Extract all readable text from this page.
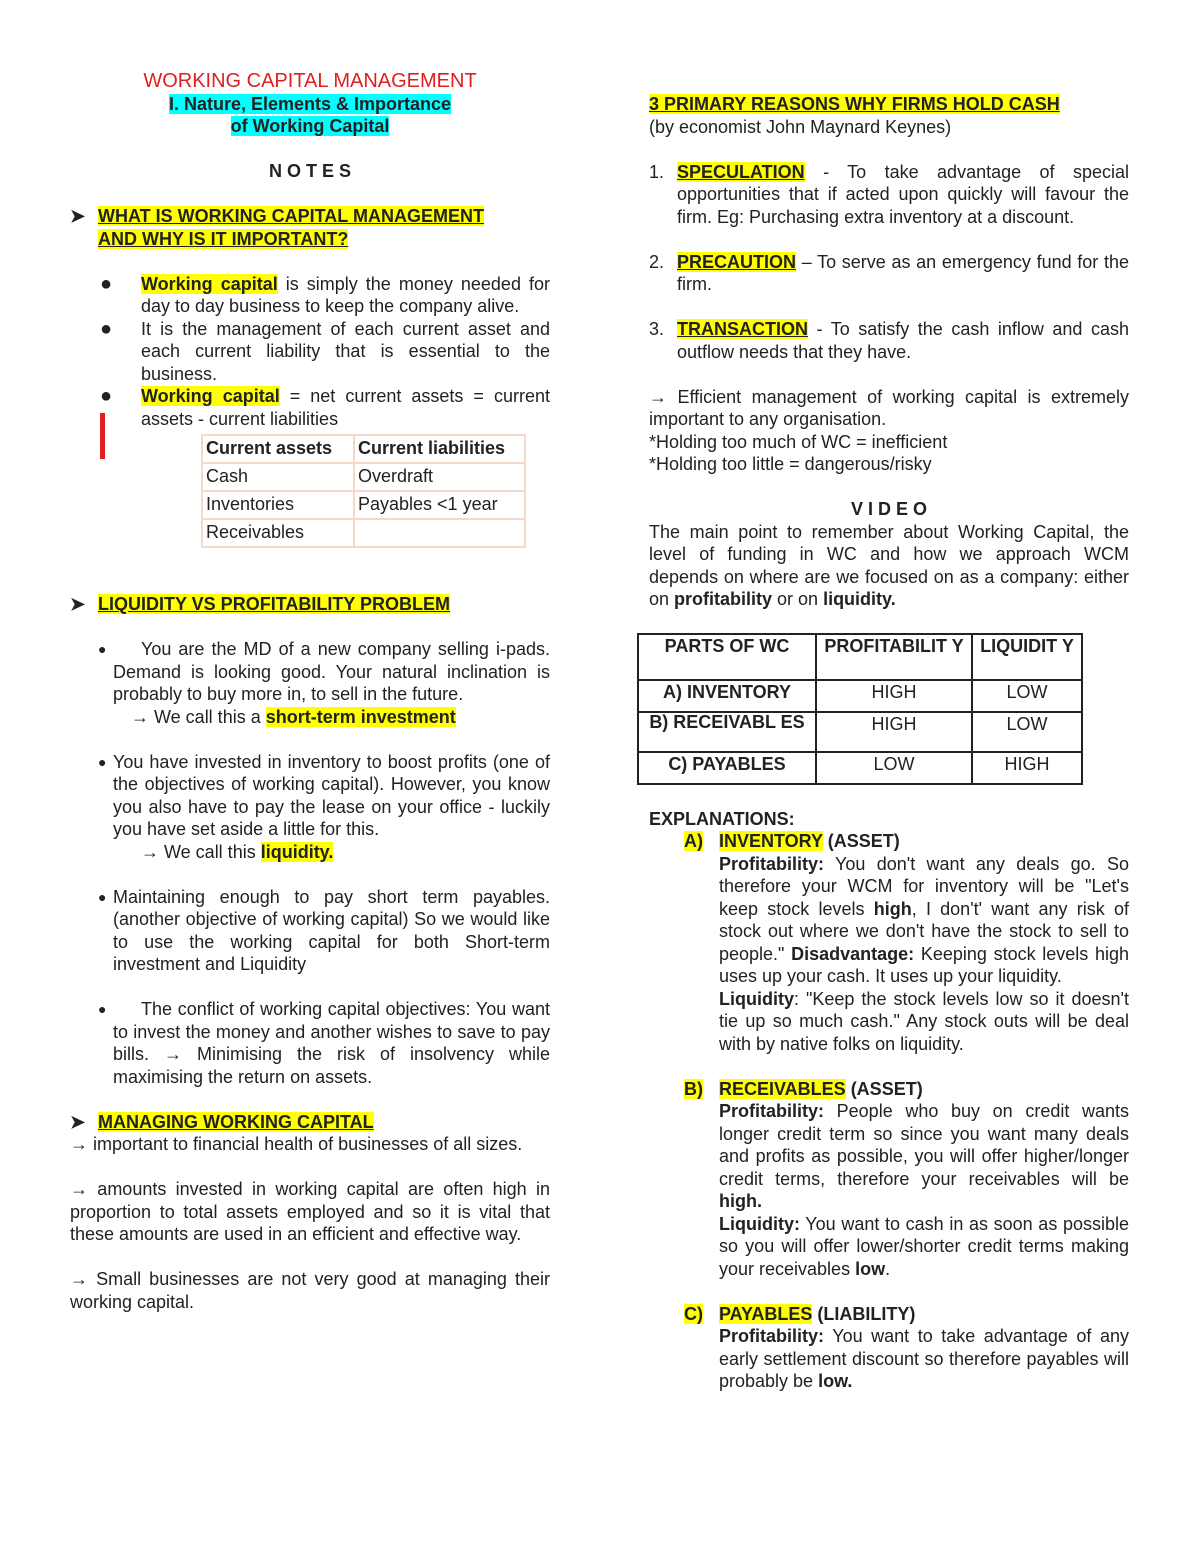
WORKING CAPITAL MANAGEMENT

I. Nature, Elements & Importance

of Working Capital

N O T E S

➤ WHAT IS WORKING CAPITAL MANAGEMENT
AND WHY IS IT IMPORTANT?
● Working capital is simply the money needed for day to day business to keep the company alive.
● It is the management of each current asset and each current liability that is essential to the business.
● Working capital = net current assets = current assets - current liabilities
Current assets	Current liabilities
Cash	Overdraft
Inventories	Payables <1 year
Receivables	
➤ LIQUIDITY VS PROFITABILITY PROBLEM
● You are the MD of a new company selling i-pads. Demand is looking good. Your natural inclination is probably to buy more in, to sell in the future.

→ We call this a short-term investment

● You have invested in inventory to boost profits (one of the objectives of working capital). However, you know you also have to pay the lease on your office - luckily you have set aside a little for this.

→ We call this liquidity.

● Maintaining enough to pay short term payables. (another objective of working capital) So we would like to use the working capital for both Short-term investment and Liquidity
● The conflict of working capital objectives: You want to invest the money and another wishes to save to pay bills. → Minimising the risk of insolvency while maximising the return on assets.
➤ MANAGING WORKING CAPITAL

→ important to financial health of businesses of all sizes.

→ amounts invested in working capital are often high in proportion to total assets employed and so it is vital that these amounts are used in an efficient and effective way.

→ Small businesses are not very good at managing their working capital.

3 PRIMARY REASONS WHY FIRMS HOLD CASH

(by economist John Maynard Keynes)

1. SPECULATION - To take advantage of special opportunities that if acted upon quickly will favour the firm. Eg: Purchasing extra inventory at a discount.
2. PRECAUTION – To serve as an emergency fund for the firm.
3. TRANSACTION - To satisfy the cash inflow and cash outflow needs that they have.

→ Efficient management of working capital is extremely important to any organisation.

*Holding too much of WC = inefficient

*Holding too little = dangerous/risky

V I D E O

The main point to remember about Working Capital, the level of funding in WC and how we approach WCM depends on where are we focused on as a company: either on profitability or on liquidity.

PARTS OF WC	PROFITABILIT Y	LIQUIDIT Y
A) INVENTORY	HIGH	LOW
B) RECEIVABL ES	HIGH	LOW
C) PAYABLES	LOW	HIGH

EXPLANATIONS:

A) INVENTORY (ASSET)

Profitability: You don't want any deals go. So therefore your WCM for inventory will be "Let's keep stock levels high, I don't' want any risk of stock out where we don't have the stock to sell to people." Disadvantage: Keeping stock levels high uses up your cash. It uses up your liquidity.

Liquidity: "Keep the stock levels low so it doesn't tie up so much cash." Any stock outs will be deal with by native folks on liquidity.

B) RECEIVABLES (ASSET)

Profitability: People who buy on credit wants longer credit term so since you want many deals and profits as possible, you will offer higher/longer credit terms, therefore your receivables will be high.

Liquidity: You want to cash in as soon as possible so you will offer lower/shorter credit terms making your receivables low.

C) PAYABLES (LIABILITY)

Profitability: You want to take advantage of any early settlement discount so therefore payables will probably be low.
